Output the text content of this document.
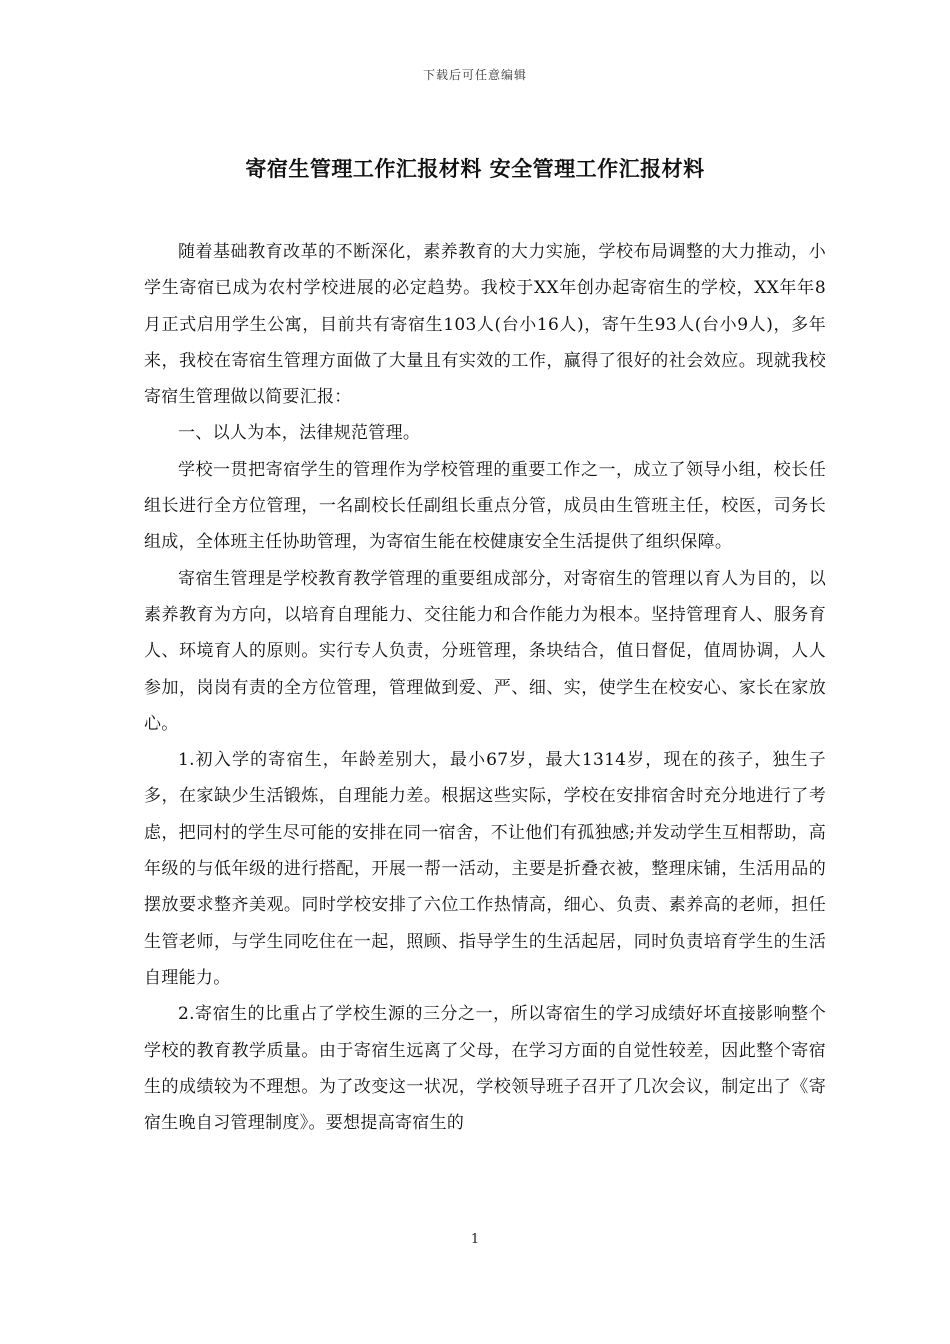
下载后可任意编辑
寄宿生管理工作汇报材料 安全管理工作汇报材料

随着基础教育改革的不断深化，素养教育的大力实施，学校布局调整的大力推动，小学生寄宿已成为农村学校进展的必定趋势。我校于XX年创办起寄宿生的学校，XX年年8月正式启用学生公寓，目前共有寄宿生103人(台小16人)，寄午生93人(台小9人)，多年来，我校在寄宿生管理方面做了大量且有实效的工作，赢得了很好的社会效应。现就我校寄宿生管理做以简要汇报：

一、以人为本，法律规范管理。

学校一贯把寄宿学生的管理作为学校管理的重要工作之一，成立了领导小组，校长任组长进行全方位管理，一名副校长任副组长重点分管，成员由生管班主任，校医，司务长组成，全体班主任协助管理，为寄宿生能在校健康安全生活提供了组织保障。

寄宿生管理是学校教育教学管理的重要组成部分，对寄宿生的管理以育人为目的，以素养教育为方向，以培育自理能力、交往能力和合作能力为根本。坚持管理育人、服务育人、环境育人的原则。实行专人负责，分班管理，条块结合，值日督促，值周协调，人人参加，岗岗有责的全方位管理，管理做到爱、严、细、实，使学生在校安心、家长在家放心。

1.初入学的寄宿生，年龄差别大，最小67岁，最大1314岁，现在的孩子，独生子多，在家缺少生活锻炼，自理能力差。根据这些实际，学校在安排宿舍时充分地进行了考虑，把同村的学生尽可能的安排在同一宿舍，不让他们有孤独感;并发动学生互相帮助，高年级的与低年级的进行搭配，开展一帮一活动，主要是折叠衣被，整理床铺，生活用品的摆放要求整齐美观。同时学校安排了六位工作热情高，细心、负责、素养高的老师，担任生管老师，与学生同吃住在一起，照顾、指导学生的生活起居，同时负责培育学生的生活自理能力。

2.寄宿生的比重占了学校生源的三分之一，所以寄宿生的学习成绩好坏直接影响整个学校的教育教学质量。由于寄宿生远离了父母，在学习方面的自觉性较差，因此整个寄宿生的成绩较为不理想。为了改变这一状况，学校领导班子召开了几次会议，制定出了《寄宿生晚自习管理制度》。要想提高寄宿生的

1
